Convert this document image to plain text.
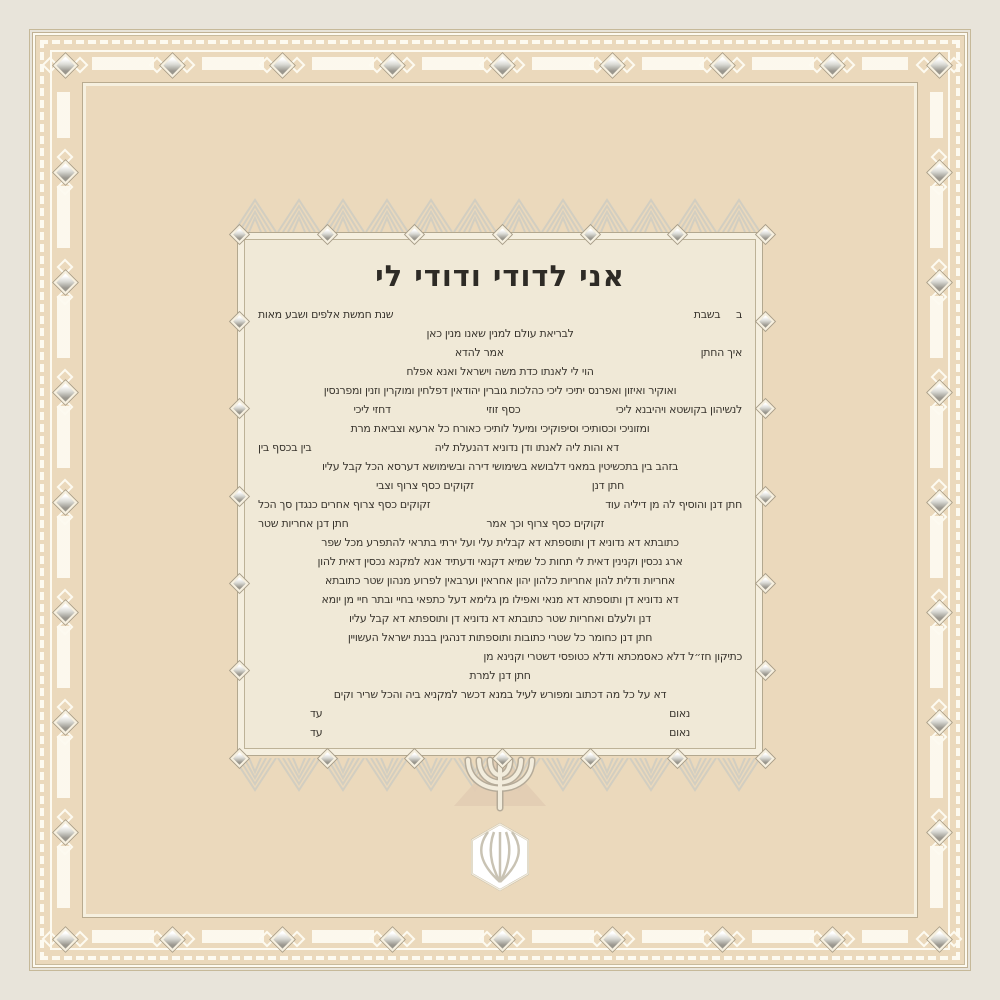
אני לדודי ודודי לי
ב   בשבת
שנת חמשת אלפים ושבע מאות
לבריאת עולם למנין שאנו מנין כאן
איך החתן
אמר להדא
הוי לי לאנתו כדת משה וישראל ואנא אפלח
ואוקיר ואיזון ואפרנס יתיכי ליכי כהלכות גוברין יהודאין דפלחין ומוקרין וזנין ומפרנסין
לנשיהון בקושטא ויהיבנא ליכי
כסף זוזי
דחזי ליכי
ומזוניכי וכסותיכי וסיפוקיכי ומיעל לותיכי כאורח כל ארעא וצביאת מרת
דא והות ליה לאנתו ודן נדוניא דהנעלת ליה
בין בכסף בין
בזהב בין בתכשיטין במאני דלבושא בשימושי דירה ובשימושא דערסא הכל קבל עליו
חתן דנן
זקוקים כסף צרוף וצבי
חתן דנן והוסיף לה מן דיליה עוד
זקוקים כסף צרוף אחרים כנגדן סך הכל
זקוקים כסף צרוף וכך אמר
חתן דנן אחריות שטר
כתובתא דא נדוניא דן ותוספתא דא קבלית עלי ועל ירתי בתראי להתפרע מכל שפר
ארג נכסין וקנינין דאית לי תחות כל שמיא דקנאי ודעתיד אנא למקנא נכסין דאית להון
אחריות ודלית להון אחריות כלהון יהון אחראין וערבאין לפרוע מנהון שטר כתובתא
דא נדוניא דן ותוספתא דא מנאי ואפילו מן גלימא דעל כתפאי בחיי ובתר חיי מן יומא
דנן ולעלם ואחריות שטר כתובתא דא נדוניא דן ותוספתא דא קבל עליו
חתן דנן כחומר כל שטרי כתובות ותוספתות דנהגין בבנת ישראל העשויין
כתיקון חז״ל דלא כאסמכתא ודלא כטופסי דשטרי וקנינא מן
חתן דנן למרת
דא על כל מה דכתוב ומפורש לעיל במנא דכשר למקניא ביה והכל שריר וקים
נאום
עד
נאום
עד
